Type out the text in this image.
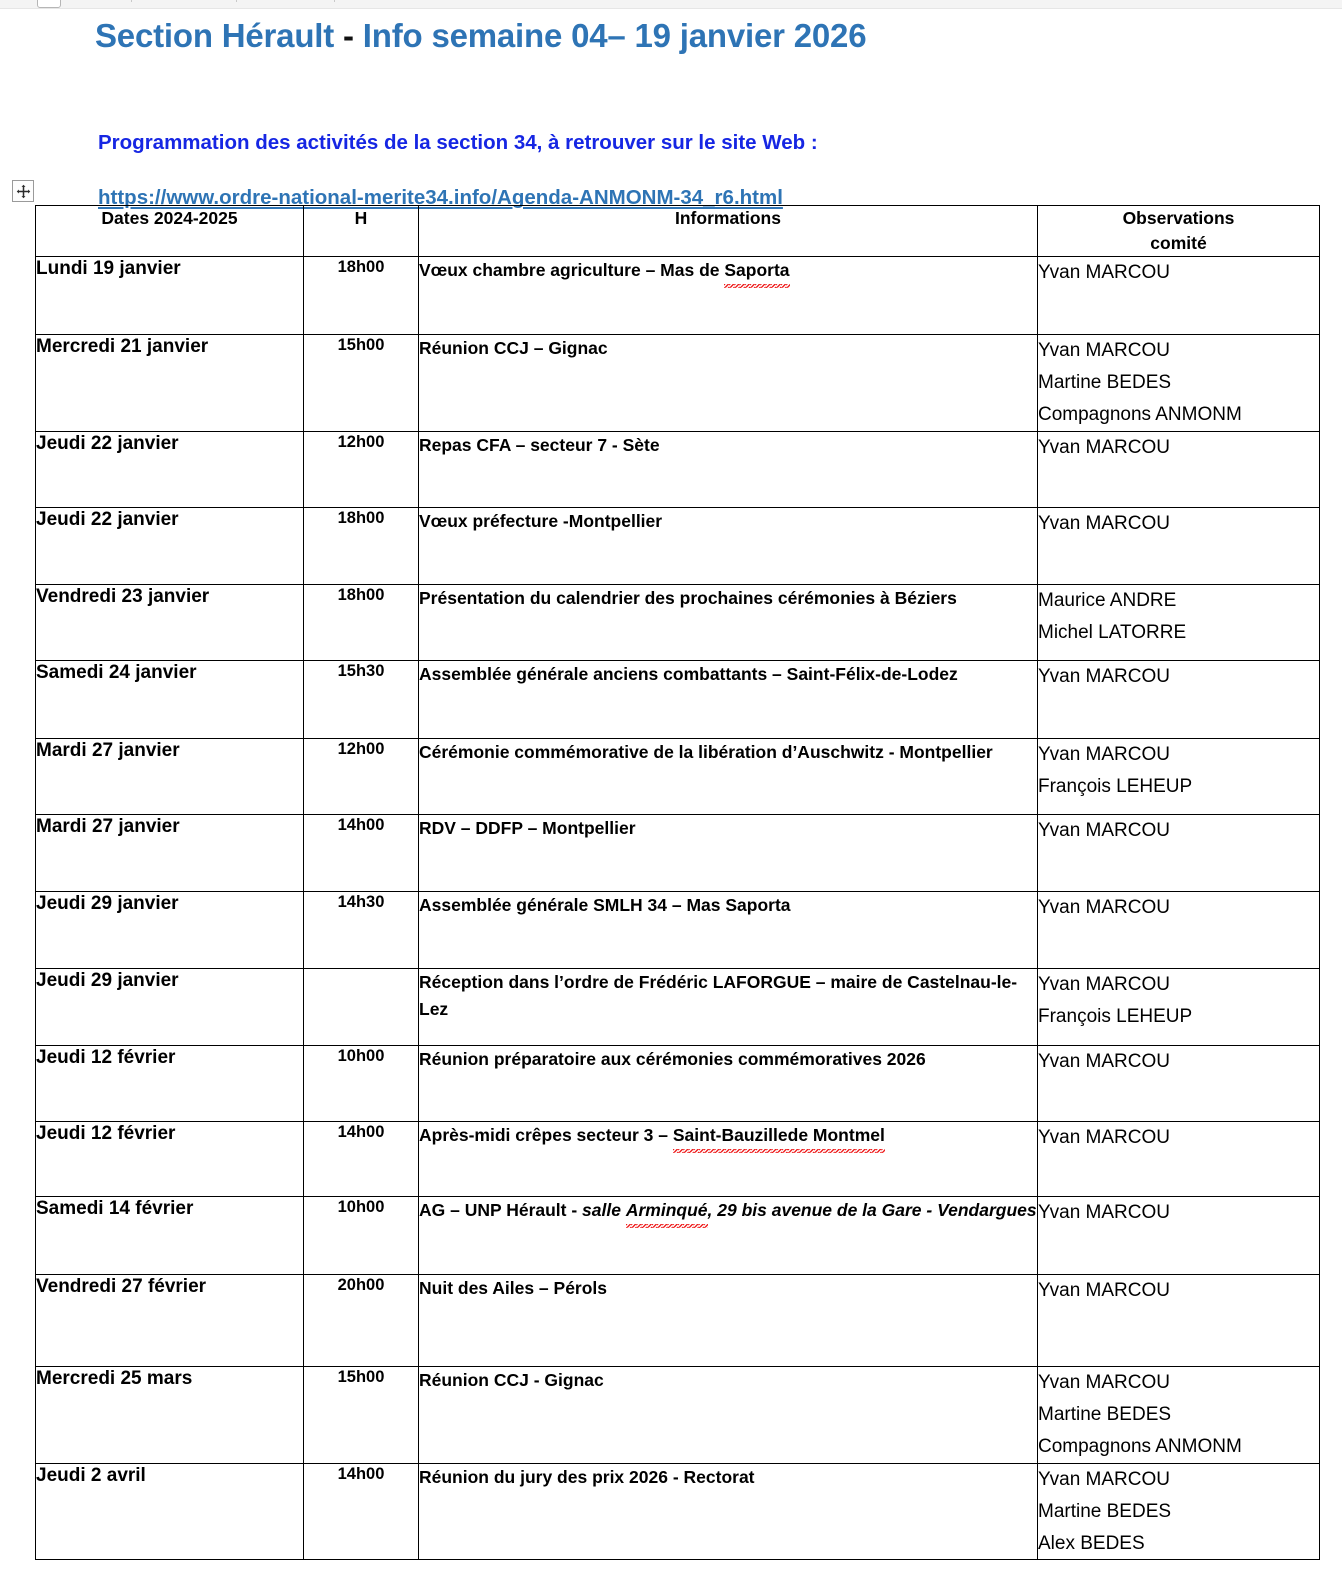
Section Hérault - Info semaine 04– 19 janvier 2026
Programmation des activités de la section 34, à retrouver sur le site Web :
https://www.ordre-national-merite34.info/Agenda-ANMONM-34_r6.html
Dates 2024-2025	H	Informations	Observations
comité

Lundi 19 janvier	18h00	Vœux chambre agriculture – Mas de Saporta	Yvan MARCOU

Mercredi 21 janvier	15h00	Réunion CCJ – Gignac	Yvan MARCOU
Martine BEDES
Compagnons ANMONM

Jeudi 22 janvier	12h00	Repas CFA – secteur 7 - Sète	Yvan MARCOU

Jeudi 22 janvier	18h00	Vœux préfecture -Montpellier	Yvan MARCOU

Vendredi 23 janvier	18h00	Présentation du calendrier des prochaines cérémonies à Béziers	Maurice ANDRE
Michel LATORRE

Samedi 24 janvier	15h30	Assemblée générale anciens combattants – Saint-Félix-de-Lodez	Yvan MARCOU

Mardi 27 janvier	12h00	Cérémonie commémorative de la libération d’Auschwitz - Montpellier	Yvan MARCOU
François LEHEUP

Mardi 27 janvier	14h00	RDV – DDFP – Montpellier	Yvan MARCOU

Jeudi 29 janvier	14h30	Assemblée générale SMLH 34 – Mas Saporta	Yvan MARCOU

Jeudi 29 janvier		Réception dans l’ordre de Frédéric LAFORGUE – maire de Castelnau-le-Lez	Yvan MARCOU
François LEHEUP

Jeudi 12 février	10h00	Réunion préparatoire aux cérémonies commémoratives 2026	Yvan MARCOU

Jeudi 12 février	14h00	Après-midi crêpes secteur 3 – Saint-Bauzillede Montmel	Yvan MARCOU

Samedi 14 février	10h00	AG – UNP Hérault - salle Arminqué, 29 bis avenue de la Gare - Vendargues	Yvan MARCOU

Vendredi 27 février	20h00	Nuit des Ailes – Pérols	Yvan MARCOU

Mercredi 25 mars	15h00	Réunion CCJ - Gignac	Yvan MARCOU
Martine BEDES
Compagnons ANMONM

Jeudi 2 avril	14h00	Réunion du jury des prix 2026 - Rectorat	Yvan MARCOU
Martine BEDES
Alex BEDES
